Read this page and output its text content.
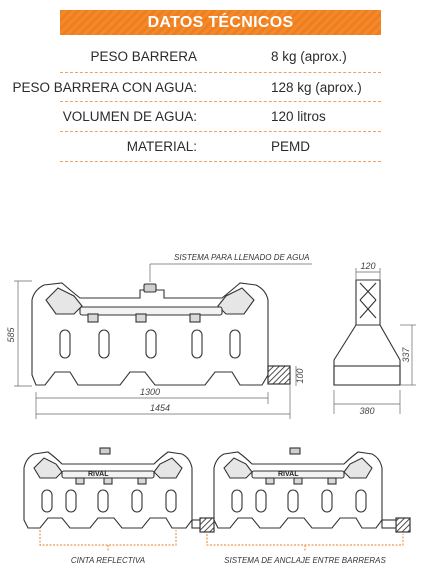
DATOS TÉCNICOS
PESO BARRERA	8 kg (aprox.)
PESO BARRERA CON AGUA:	128 kg (aprox.)
VOLUMEN DE AGUA:	120 litros
MATERIAL:	PEMD
585
1300
1454
100
SISTEMA PARA LLENADO DE AGUA
120
337
380
RIVAL	RIVAL
CINTA REFLECTIVA	SISTEMA DE ANCLAJE ENTRE BARRERAS
